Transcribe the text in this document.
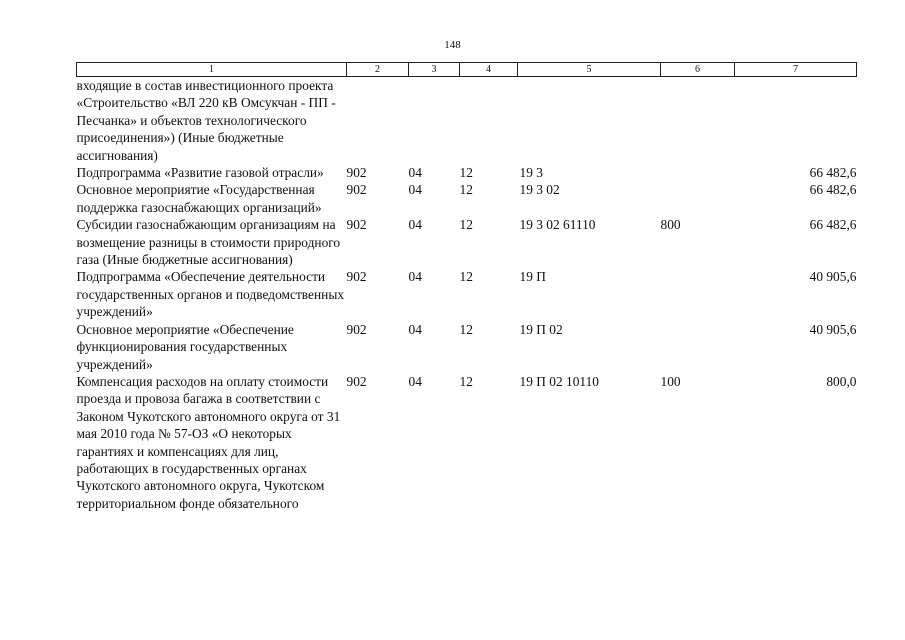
148
1	2	3	4	5	6	7
входящие в состав инвестиционного проекта «Строительство «ВЛ 220 кВ Омсукчан - ПП - Песчанка» и объектов технологического присоединения») (Иные бюджетные ассигнования)						
Подпрограмма «Развитие газовой отрасли»	902	04	12	19 3		66 482,6
Основное мероприятие «Государственная поддержка газоснабжающих организаций»	902	04	12	19 3 02		66 482,6
Субсидии газоснабжающим организациям на возмещение разницы в стоимости природного газа (Иные бюджетные ассигнования)	902	04	12	19 3 02 61110	800	66 482,6
Подпрограмма «Обеспечение деятельности государственных органов и подведомственных учреждений»	902	04	12	19 П		40 905,6
Основное мероприятие «Обеспечение функционирования государственных учреждений»	902	04	12	19 П 02		40 905,6
Компенсация расходов на оплату стоимости проезда и провоза багажа в соответствии с Законом Чукотского автономного округа от 31 мая 2010 года № 57-ОЗ «О некоторых гарантиях и компенсациях для лиц, работающих в государственных органах Чукотского автономного округа, Чукотском территориальном фонде обязательного	902	04	12	19 П 02 10110	100	800,0
